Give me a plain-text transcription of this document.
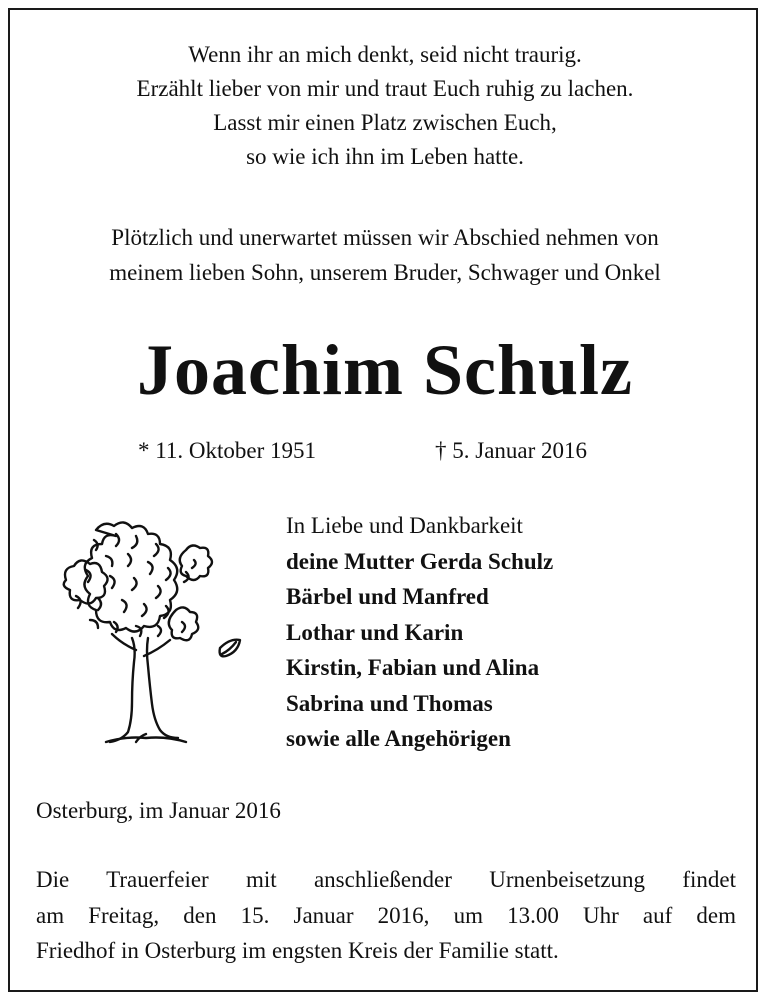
Wenn ihr an mich denkt, seid nicht traurig.
Erzählt lieber von mir und traut Euch ruhig zu lachen.
Lasst mir einen Platz zwischen Euch,
so wie ich ihn im Leben hatte.
Plötzlich und unerwartet müssen wir Abschied nehmen von
meinem lieben Sohn, unserem Bruder, Schwager und Onkel
Joachim Schulz
* 11. Oktober 1951	† 5. Januar 2016
In Liebe und Dankbarkeit
deine Mutter Gerda Schulz
Bärbel und Manfred
Lothar und Karin
Kirstin, Fabian und Alina
Sabrina und Thomas
sowie alle Angehörigen
Osterburg, im Januar 2016
Die Trauerfeier mit anschließender Urnenbeisetzung findet
am Freitag, den 15. Januar 2016, um 13.00 Uhr auf dem
Friedhof in Osterburg im engsten Kreis der Familie statt.
